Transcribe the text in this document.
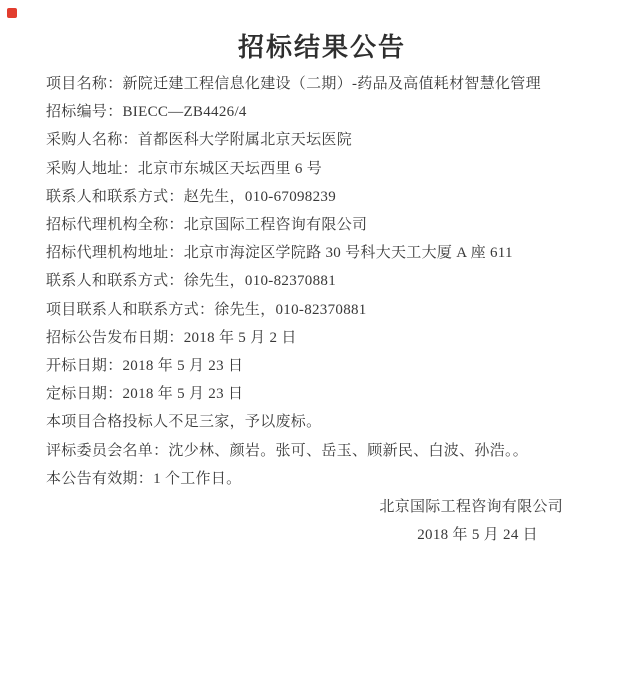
招标结果公告

项目名称：新院迁建工程信息化建设（二期）-药品及高值耗材智慧化管理

招标编号：BIECC—ZB4426/4

采购人名称：首都医科大学附属北京天坛医院

采购人地址：北京市东城区天坛西里 6 号

联系人和联系方式：赵先生，010-67098239

招标代理机构全称：北京国际工程咨询有限公司

招标代理机构地址：北京市海淀区学院路 30 号科大天工大厦 A 座 611

联系人和联系方式：徐先生，010-82370881

项目联系人和联系方式：徐先生，010-82370881

招标公告发布日期：2018 年 5 月 2 日

开标日期：2018 年 5 月 23 日

定标日期：2018 年 5 月 23 日

本项目合格投标人不足三家，予以废标。

评标委员会名单：沈少林、颜岩。张可、岳玉、顾新民、白波、孙浩。。

本公告有效期：1 个工作日。

北京国际工程咨询有限公司

2018 年 5 月 24 日
